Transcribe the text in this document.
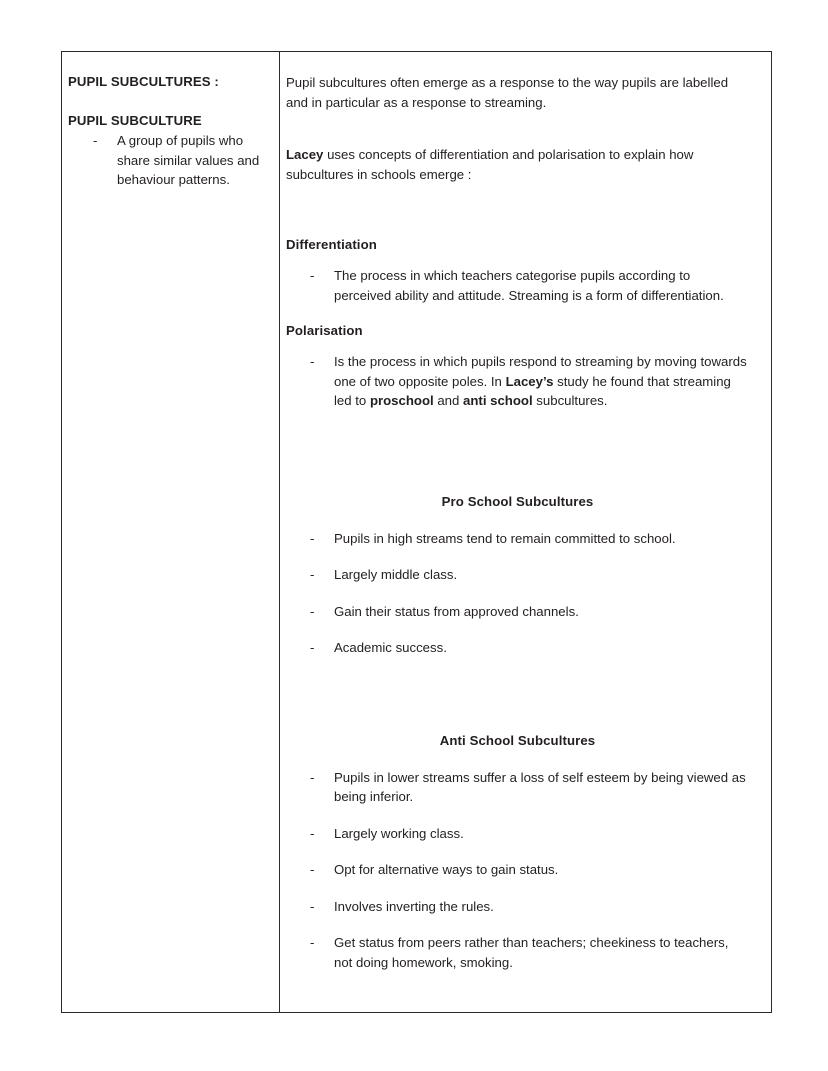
PUPIL SUBCULTURES :

PUPIL SUBCULTURE

-	A group of pupils who share similar values and behaviour patterns.

Pupil subcultures often emerge as a response to the way pupils are labelled and in particular as a response to streaming.

Lacey uses concepts of differentiation and polarisation to explain how subcultures in schools emerge :

Differentiation

-	The process in which teachers categorise pupils according to perceived ability and attitude. Streaming is a form of differentiation.

Polarisation

-	Is the process in which pupils respond to streaming by moving towards one of two opposite poles. In Lacey’s study he found that streaming led to proschool and anti school subcultures.

Pro School Subcultures

-	Pupils in high streams tend to remain committed to school.
-	Largely middle class.
-	Gain their status from approved channels.
-	Academic success.

Anti School Subcultures

-	Pupils in lower streams suffer a loss of self esteem by being viewed as being inferior.
-	Largely working class.
-	Opt for alternative ways to gain status.
-	Involves inverting the rules.
-	Get status from peers rather than teachers; cheekiness to teachers, not doing homework, smoking.
